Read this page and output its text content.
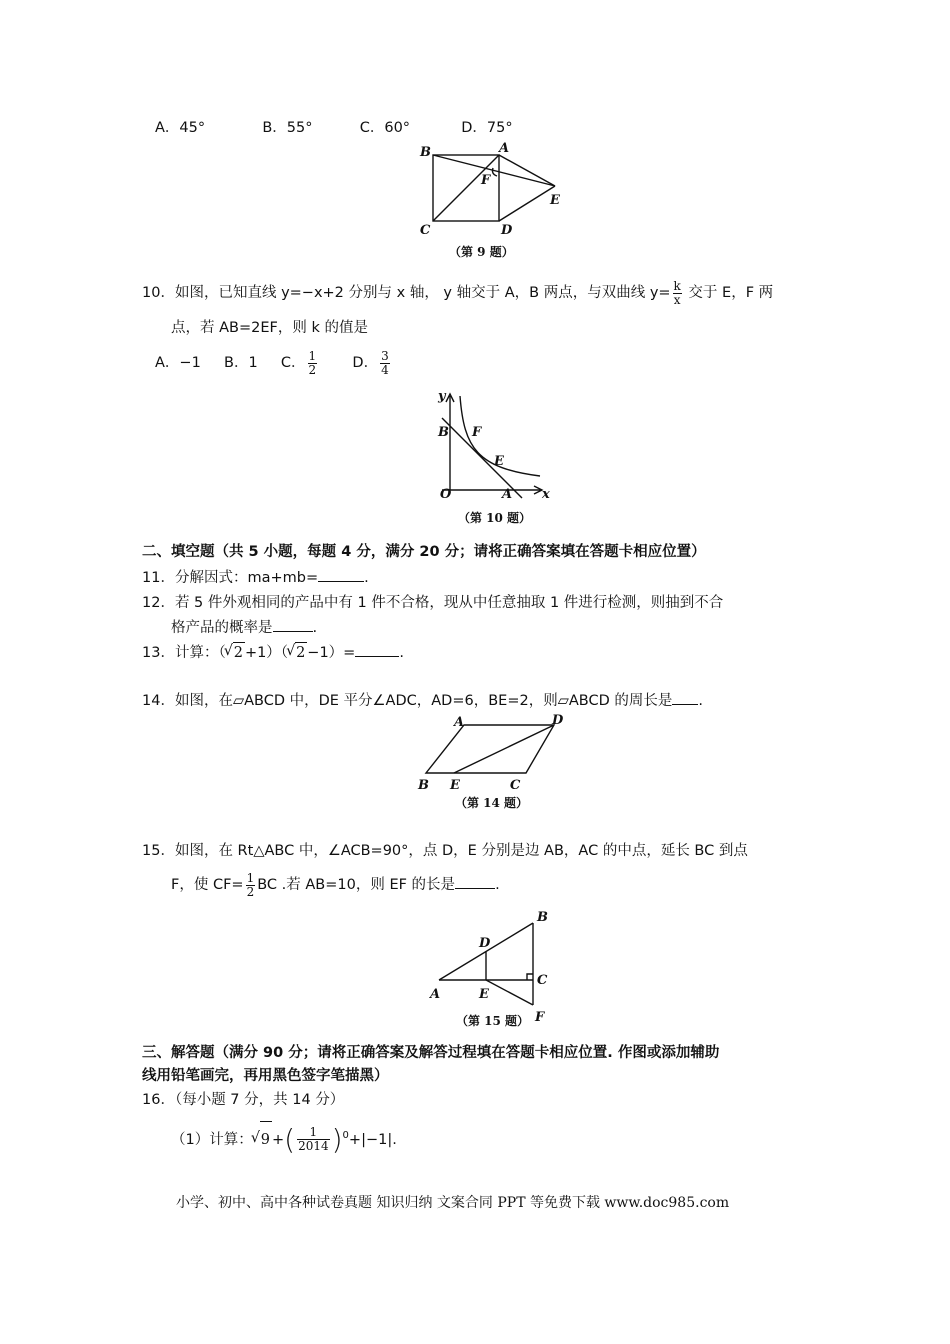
A．45°	B．55°	C．60°	D．75°
B	A
F
E
C	D
（第 9 题）
10．如图，已知直线 y=−x+2 分别与 x 轴， y 轴交于 A，B 两点，与双曲线 $y= \frac{k}{x}$ 交于 E，F 两
点，若 AB=2EF，则 k 的值是
A．−1 B．1 C． $\frac{1}{2}$ D． $\frac{3}{4}$
y
B F
E
O	A x
（第 10 题）
二、填空题（共 5 小题，每题 4 分，满分 20 分；请将正确答案填在答题卡相应位置）
11．分解因式：ma+mb=	.
12．若 5 件外观相同的产品中有 1 件不合格，现从中任意抽取 1 件进行检测，则抽到不合
格产品的概率是	.
13．计算：（ √ 2 +1）（ √ 2 −1）=	.
14．如图，在▱ABCD 中，DE 平分∠ADC，AD=6，BE=2，则▱ABCD 的周长是 .
A	D
B E	C
（第 14 题）
15．如图，在 Rt△ABC 中，∠ACB=90°，点 D，E 分别是边 AB，AC 的中点，延长 BC 到点
F，使 $CF= \frac{1}{2}$ BC .若 AB=10，则 EF 的长是	.
B
D
C
A	E
F
（第 15 题）
三、解答题（满分 90 分；请将正确答案及解答过程填在答题卡相应位置. 作图或添加辅助
线用铅笔画完，再用黑色签字笔描黑）
16．（每小题 7 分，共 14 分）
（1）计算： √ 9 +( $\frac{1}{2014} )^0+|-1|$.
小学、初中、高中各种试卷真题 知识归纳 文案合同 PPT 等免费下载 www.doc985.com
